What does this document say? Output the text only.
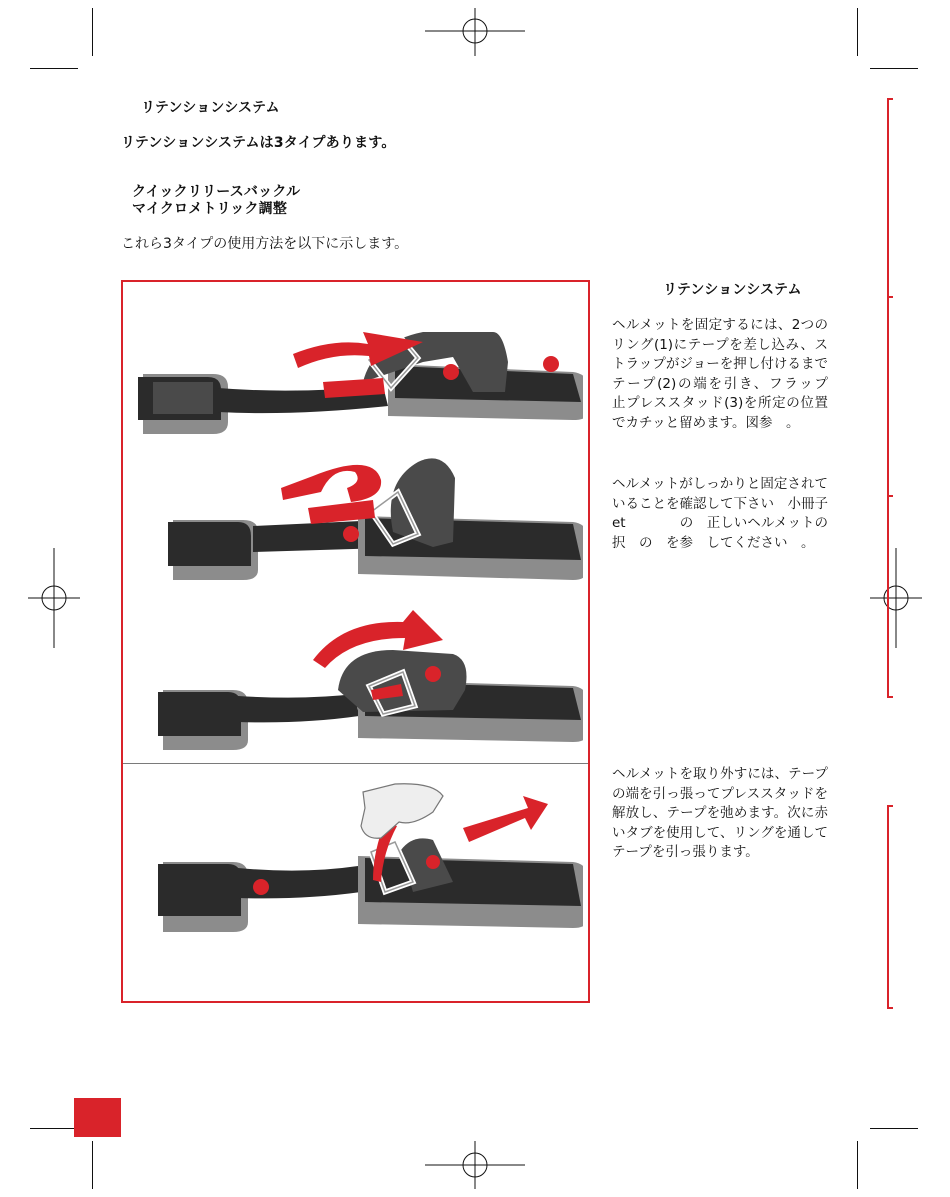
リテンションシステム
リテンションシステムは3タイプあります。
クイックリリースバックル
マイクロメトリック調整
これら3タイプの使用方法を以下に示します。
リテンションシステム
ヘルメットを固定するには、2つのリング(1)にテープを差し込み、ストラップがジョーを押し付けるまでテープ(2)の端を引き、フラップ　止プレススタッド(3)を所定の位置でカチッと留めます。図参　。
ヘルメットがしっかりと固定されていることを確認して下さい　小冊子　　et　　　　の　正しいヘルメットの　択　の　を参　してください　。
ヘルメットを取り外すには、テープの端を引っ張ってプレススタッドを解放し、テープを弛めます。次に赤いタブを使用して、リングを通してテープを引っ張ります。
